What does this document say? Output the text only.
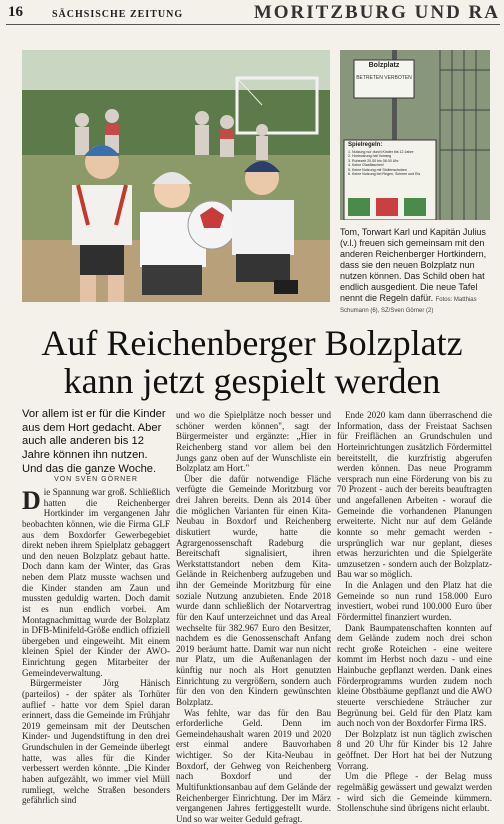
16	SÄCHSISCHE ZEITUNG	MORITZBURG UND RA
Bolzplatz
BETRETEN VERBOTEN
Spielregeln:
1. Nutzung nur durch Kinder bis 12 Jahre
2. Hortnutzung hat Vorrang
3. Ruhezeit 20.00 bis 08.00 Uhr
4. Keine Glasflaschen!
5. Keine Nutzung mit Stollenschuhen
6. Keine Nutzung bei Regen, Schnee und Eis
Tom, Torwart Karl und Kapitän Julius (v.l.) freuen sich gemeinsam mit den anderen Reichenberger Hortkindern, dass sie den neuen Bolzplatz nun nutzen können. Das Schild oben hat endlich ausgedient. Die neue Tafel nennt die Regeln dafür. Fotos: Matthias Schumann (6), SZ/Sven Görner (2)
Auf Reichenberger Bolzplatz
kann jetzt gespielt werden
Vor allem ist er für die Kinder aus dem Hort gedacht. Aber auch alle anderen bis 12 Jahre können ihn nutzen. Und das die ganze Woche.
VON SVEN GÖRNER

Die Spannung war groß. Schließlich hatten die Reichenberger Hortkinder im vergangenen Jahr beobachten können, wie die Firma GLF aus dem Boxdorfer Gewerbegebiet direkt neben ihrem Spielplatz gebaggert und den neuen Bolzplatz gebaut hatte. Doch dann kam der Winter, das Gras neben dem Platz musste wachsen und die Kinder standen am Zaun und mussten geduldig warten. Doch damit ist es nun endlich vorbei. Am Montagnachmittag wurde der Bolzplatz in DFB-Minifeld-Größe endlich offiziell übergeben und eingeweiht. Mit einem kleinen Spiel der Kinder der AWO-Einrichtung gegen Mitarbeiter der Gemeindeverwaltung.

Bürgermeister Jörg Hänisch (parteilos) - der später als Torhüter auflief - hatte vor dem Spiel daran erinnert, dass die Gemeinde im Frühjahr 2019 gemeinsam mit der Deutschen Kinder- und Jugendstiftung in den drei Grundschulen in der Gemeinde überlegt hatte, was alles für die Kinder verbessert werden könnte. „Die Kinder haben aufgezählt, wo immer viel Müll rumliegt, welche Straßen besonders gefährlich sind

und wo die Spielplätze noch besser und schöner werden können", sagt der Bürgermeister und ergänzte: „Hier in Reichenberg stand vor allem bei den Jungs ganz oben auf der Wunschliste ein Bolzplatz am Hort."

Über die dafür notwendige Fläche verfügte die Gemeinde Moritzburg vor drei Jahren bereits. Denn als 2014 über die möglichen Varianten für einen Kita-Neubau in Boxdorf und Reichenberg diskutiert wurde, hatte die Agrargenossenschaft Radeburg die Bereitschaft signalisiert, ihren Werkstattstandort neben dem Kita-Gelände in Reichenberg aufzugeben und ihn der Gemeinde Moritzburg für eine soziale Nutzung anzubieten. Ende 2018 wurde dann schließlich der Notarvertrag für den Kauf unterzeichnet und das Areal wechselte für 382.967 Euro den Besitzer, nachdem es die Genossenschaft Anfang 2019 beräumt hatte. Damit war nun nicht nur Platz, um die Außenanlagen der künftig nur noch als Hort genutzten Einrichtung zu vergrößern, sondern auch für den von den Kindern gewünschten Bolzplatz.

Was fehlte, war das für den Bau erforderliche Geld. Denn im Gemeindehaushalt waren 2019 und 2020 erst einmal andere Bauvorhaben wichtiger. So der Kita-Neubau in Boxdorf, der Gehweg von Reichenberg nach Boxdorf und der Multifunktionsanbau auf dem Gelände der Reichenberger Einrichtung. Der im März vergangenen Jahres fertiggestellt wurde. Und so war weiter Geduld gefragt.

Ende 2020 kam dann überraschend die Information, dass der Freistaat Sachsen für Freiflächen an Grundschulen und Horteinrichtungen zusätzlich Fördermittel bereitstellt, die kurzfristig abgerufen werden können. Das neue Programm versprach nun eine Förderung von bis zu 70 Prozent - auch der bereits beauftragten und angefallenen Arbeiten - worauf die Gemeinde die vorhandenen Planungen erweiterte. Nicht nur auf dem Gelände konnte so mehr gemacht werden - ursprünglich war nur geplant, dieses etwas herzurichten und die Spielgeräte umzusetzen - sondern auch der Bolzplatz-Bau war so möglich.

In die Anlagen und den Platz hat die Gemeinde so nun rund 158.000 Euro investiert, wobei rund 100.000 Euro über Fördermittel finanziert wurden.

Dank Baumpatenschaften konnten auf dem Gelände zudem noch drei schon recht große Roteichen - eine weitere kommt im Herbst noch dazu - und eine Hainbuche gepflanzt werden. Dank eines Förderprogramms wurden zudem noch kleine Obstbäume gepflanzt und die AWO steuerte verschiedene Sträucher zur Begrünung bei. Geld für den Platz kam auch noch von der Boxdorfer Firma IRS.

Der Bolzplatz ist nun täglich zwischen 8 und 20 Uhr für Kinder bis 12 Jahre geöffnet. Der Hort hat bei der Nutzung Vorrang.

Um die Pflege - der Belag muss regelmäßig gewässert und gewalzt werden - wird sich die Gemeinde kümmern. Stollenschuhe sind übrigens nicht erlaubt.
